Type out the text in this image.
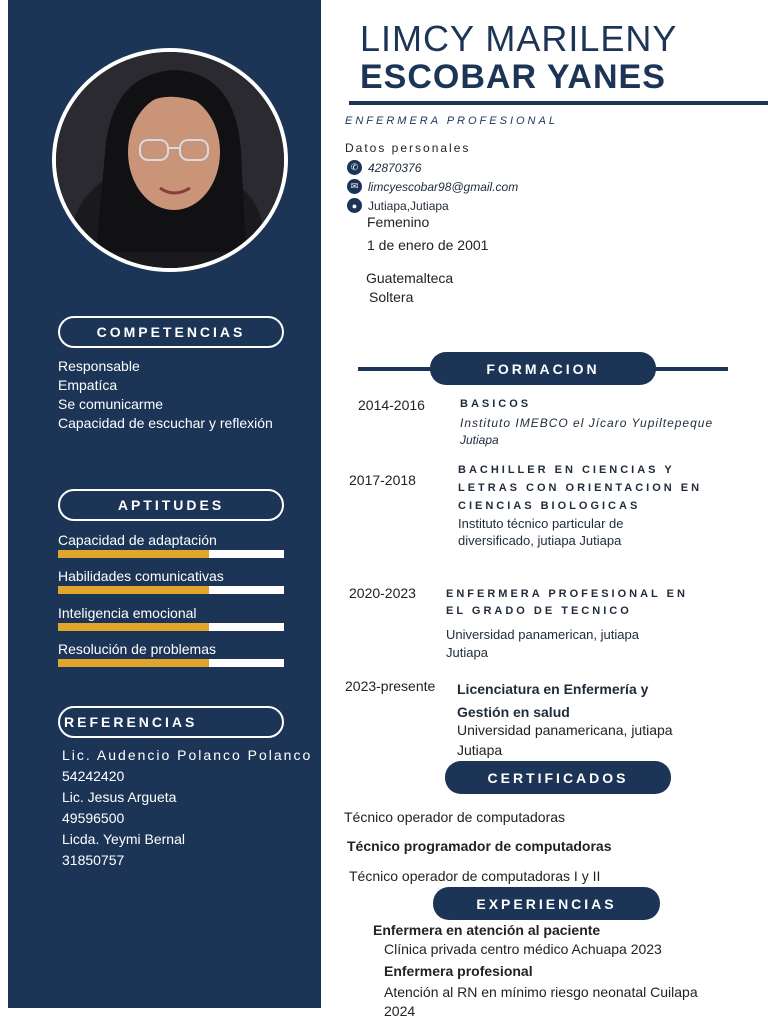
COMPETENCIAS
Responsable
Empatíca
Se comunicarme
Capacidad de escuchar y reflexión
APTITUDES
Capacidad de adaptación
Habilidades comunicativas
Inteligencia emocional
Resolución de problemas
REFERENCIAS
Lic. Audencio Polanco Polanco
54242420
Lic. Jesus Argueta
49596500
Licda. Yeymi Bernal
31850757
LIMCY MARILENY
ESCOBAR YANES
ENFERMERA PROFESIONAL
Datos personales
✆ 42870376
✉ limcyescobar98@gmail.com
● Jutiapa,Jutiapa
Femenino
1 de enero de 2001
Guatemalteca
Soltera
FORMACION
2014-2016	BASICOS
Instituto IMEBCO el Jícaro Yupiltepeque
Jutiapa
2017-2018
BACHILLER EN CIENCIAS Y
LETRAS CON ORIENTACION EN
CIENCIAS BIOLOGICAS
Instituto técnico particular de
diversificado, jutiapa Jutiapa
2020-2023	ENFERMERA PROFESIONAL EN
EL GRADO DE TECNICO
Universidad panamerican, jutiapa
Jutiapa
2023-presente Licenciatura en Enfermería y
Gestión en salud
Universidad panamericana, jutiapa
Jutiapa
CERTIFICADOS
Técnico operador de computadoras
Técnico programador de computadoras
Técnico operador de computadoras I y II
EXPERIENCIAS
Enfermera en atención al paciente
Clínica privada centro médico Achuapa 2023
Enfermera profesional
Atención al RN en mínimo riesgo neonatal Cuilapa
2024
